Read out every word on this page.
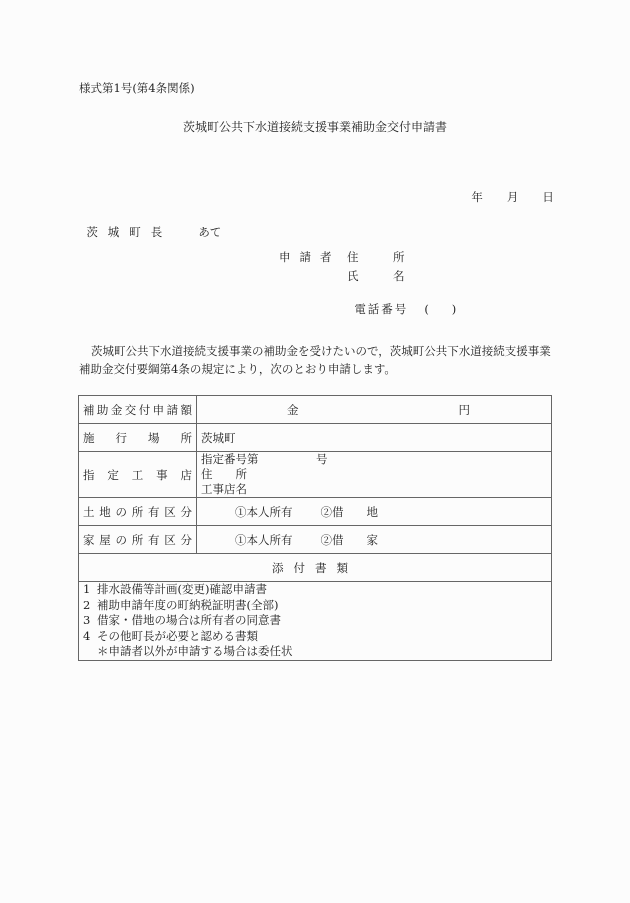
様式第1号(第4条関係)
茨城町公共下水道接続支援事業補助金交付申請書

年 月 日

茨城町長 あて

申請者 住　　　所
氏　　　名

電話番号 (　　)

茨城町公共下水道接続支援事業の補助金を受けたいので，茨城町公共下水道接続支援事業補助金交付要綱第4条の規定により，次のとおり申請します。
補助金交付申請額	金 円
施行場所	茨城町
指定工事店	指定番号第　　　　　号
住　　所
工事店名

土地の所有区分	①本人所有 ②借　　地
家屋の所有区分	①本人所有 ②借　　家
添付書類	

1 排水設備等計画(変更)確認申請書
2 補助申請年度の町納税証明書(全部)
3 借家・借地の場合は所有者の同意書
4 その他町長が必要と認める書類
＊申請者以外が申請する場合は委任状	
